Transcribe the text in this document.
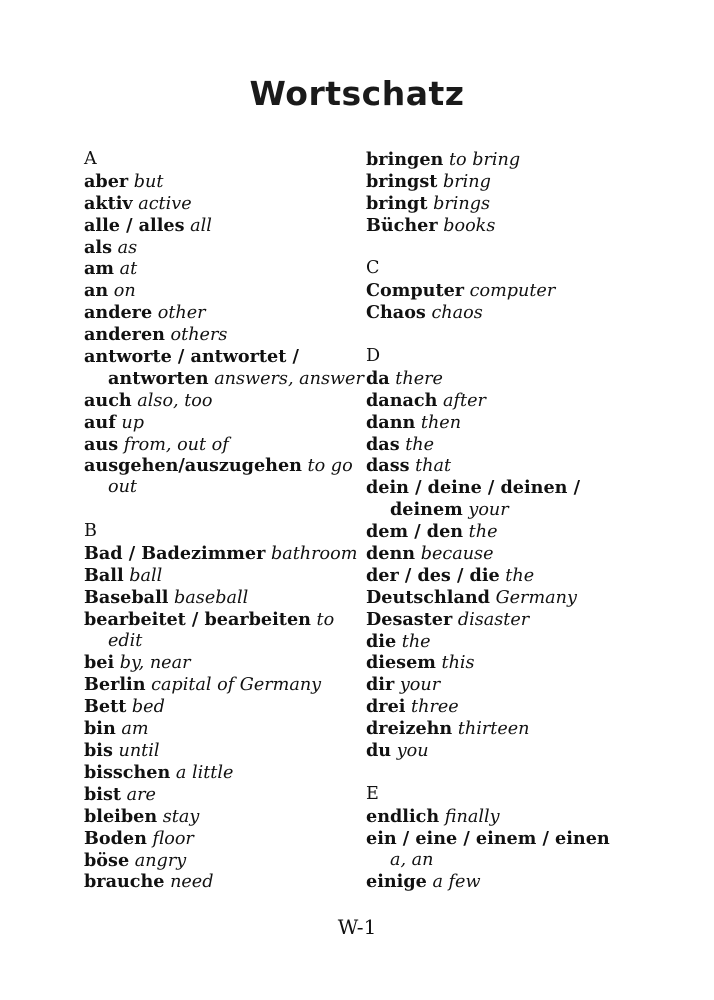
Wortschatz
A
aber but
aktiv active
alle / alles all
als as
am at
an on
andere other
anderen others
antworte / antwortet /
antworten answers, answer
auch also, too
auf up
aus from, out of
ausgehen/auszugehen to go
out
B
Bad / Badezimmer bathroom
Ball ball
Baseball baseball
bearbeitet / bearbeiten to
edit
bei by, near
Berlin capital of Germany
Bett bed
bin am
bis until
bisschen a little
bist are
bleiben stay
Boden floor
böse angry
brauche need
bringen to bring
bringst bring
bringt brings
Bücher books
C
Computer computer
Chaos chaos
D
da there
danach after
dann then
das the
dass that
dein / deine / deinen /
deinem your
dem / den the
denn because
der / des / die the
Deutschland Germany
Desaster disaster
die the
diesem this
dir your
drei three
dreizehn thirteen
du you
E
endlich finally
ein / eine / einem / einen
a, an
einige a few
W-1
